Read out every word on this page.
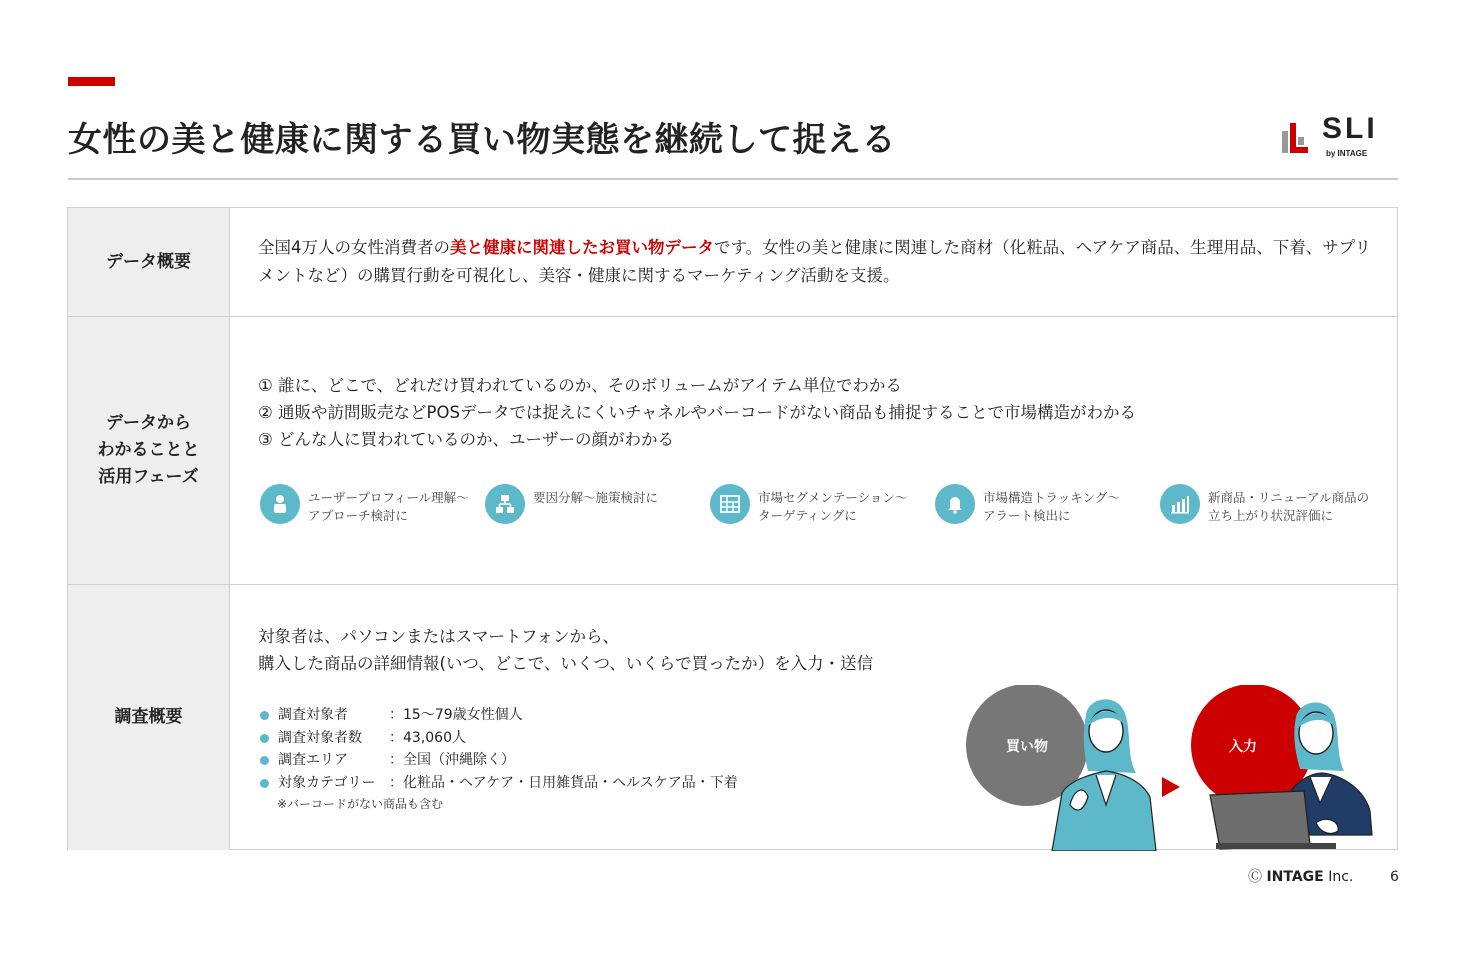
女性の美と健康に関する買い物実態を継続して捉える	SLI
by INTAGE
データ概要
全国4万人の女性消費者の美と健康に関連したお買い物データです。女性の美と健康に関連した商材（化粧品、ヘアケア商品、生理用品、下着、サプリメントなど）の購買行動を可視化し、美容・健康に関するマーケティング活動を支援。
データから
わかることと
活用フェーズ
① 誰に、どこで、どれだけ買われているのか、そのボリュームがアイテム単位でわかる
② 通販や訪問販売などPOSデータでは捉えにくいチャネルやバーコードがない商品も捕捉することで市場構造がわかる
③ どんな人に買われているのか、ユーザーの顔がわかる
ユーザープロフィール理解～
アプローチ検討に
要因分解～施策検討に	市場セグメンテーション～
ターゲティングに
市場構造トラッキング～
アラート検出に
新商品・リニューアル商品の
立ち上がり状況評価に
調査概要
対象者は、パソコンまたはスマートフォンから、
購入した商品の詳細情報(いつ、どこで、いくつ、いくらで買ったか）を入力・送信
調査対象者	：15～79歳女性個人
調査対象者数 ：43,060人
調査エリア	：全国（沖縄除く）
対象カテゴリー ：化粧品・ヘアケア・日用雑貨品・ヘルスケア品・下着
※バーコードがない商品も含む
買い物	入力
Ⓒ INTAGE Inc.	6
